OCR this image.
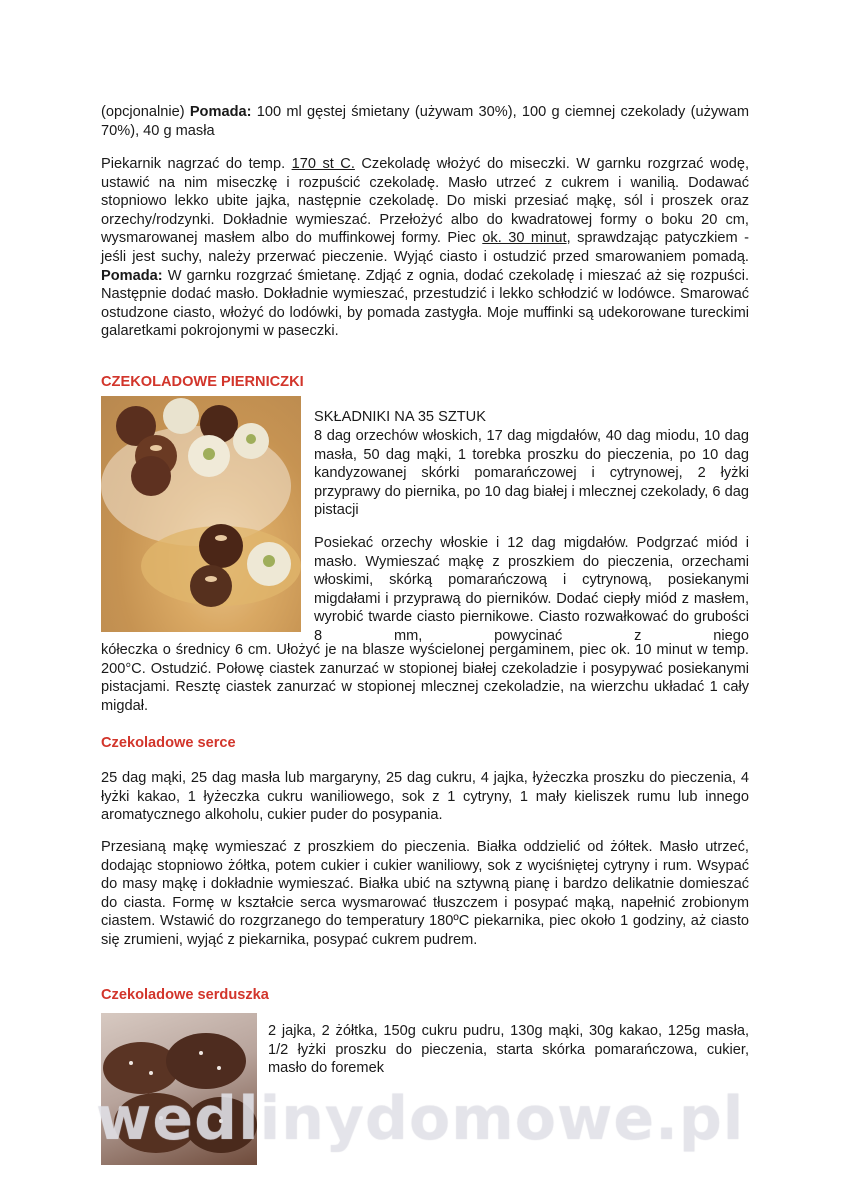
(opcjonalnie) Pomada: 100 ml gęstej śmietany (używam 30%), 100 g ciemnej czekolady (używam 70%), 40 g masła

Piekarnik nagrzać do temp. 170 st C. Czekoladę włożyć do miseczki. W garnku rozgrzać wodę, ustawić na nim miseczkę i rozpuścić czekoladę. Masło utrzeć z cukrem i wanilią. Dodawać stopniowo lekko ubite jajka, następnie czekoladę. Do miski przesiać mąkę, sól i proszek oraz orzechy/rodzynki. Dokładnie wymieszać. Przełożyć albo do kwadratowej formy o boku 20 cm, wysmarowanej masłem albo do muffinkowej formy. Piec ok. 30 minut, sprawdzając patyczkiem - jeśli jest suchy, należy przerwać pieczenie. Wyjąć ciasto i ostudzić przed smarowaniem pomadą. Pomada: W garnku rozgrzać śmietanę. Zdjąć z ognia, dodać czekoladę i mieszać aż się rozpuści. Następnie dodać masło. Dokładnie wymieszać, przestudzić i lekko schłodzić w lodówce. Smarować ostudzone ciasto, włożyć do lodówki, by pomada zastygła. Moje muffinki są udekorowane tureckimi galaretkami pokrojonymi w paseczki.

CZEKOLADOWE PIERNICZKI

SKŁADNIKI NA 35 SZTUK

8 dag orzechów włoskich, 17 dag migdałów, 40 dag miodu, 10 dag masła, 50 dag mąki, 1 torebka proszku do pieczenia, po 10 dag kandyzowanej skórki pomarańczowej i cytrynowej, 2 łyżki przyprawy do piernika, po 10 dag białej i mlecznej czekolady, 6 dag pistacji

Posiekać orzechy włoskie i 12 dag migdałów. Podgrzać miód i masło. Wymieszać mąkę z proszkiem do pieczenia, orzechami włoskimi, skórką pomarańczową i cytrynową, posiekanymi migdałami i przyprawą do pierników. Dodać ciepły miód z masłem, wyrobić twarde ciasto piernikowe. Ciasto rozwałkować do grubości 8 mm, powycinać z niego

kółeczka o średnicy 6 cm. Ułożyć je na blasze wyścielonej pergaminem, piec ok. 10 minut w temp. 200°C. Ostudzić. Połowę ciastek zanurzać w stopionej białej czekoladzie i posypywać posiekanymi pistacjami. Resztę ciastek zanurzać w stopionej mlecznej czekoladzie, na wierzchu układać 1 cały migdał.

Czekoladowe serce

25 dag mąki, 25 dag masła lub margaryny, 25 dag cukru, 4 jajka, łyżeczka proszku do pieczenia, 4 łyżki kakao, 1 łyżeczka cukru waniliowego, sok z 1 cytryny, 1 mały kieliszek rumu lub innego aromatycznego alkoholu, cukier puder do posypania.

Przesianą mąkę wymieszać z proszkiem do pieczenia. Białka oddzielić od żółtek. Masło utrzeć, dodając stopniowo żółtka, potem cukier i cukier waniliowy, sok z wyciśniętej cytryny i rum. Wsypać do masy mąkę i dokładnie wymieszać. Białka ubić na sztywną pianę i bardzo delikatnie domieszać do ciasta. Formę w kształcie serca wysmarować tłuszczem i posypać mąką, napełnić zrobionym ciastem. Wstawić do rozgrzanego do temperatury 180ºC piekarnika, piec około 1 godziny, aż ciasto się zrumieni, wyjąć z piekarnika, posypać cukrem pudrem.

Czekoladowe serduszka

2 jajka, 2 żółtka, 150g cukru pudru, 130g mąki, 30g kakao, 125g masła, 1/2 łyżki proszku do pieczenia, starta skórka pomarańczowa, cukier, masło do foremek

wedlinydomowe.pl
